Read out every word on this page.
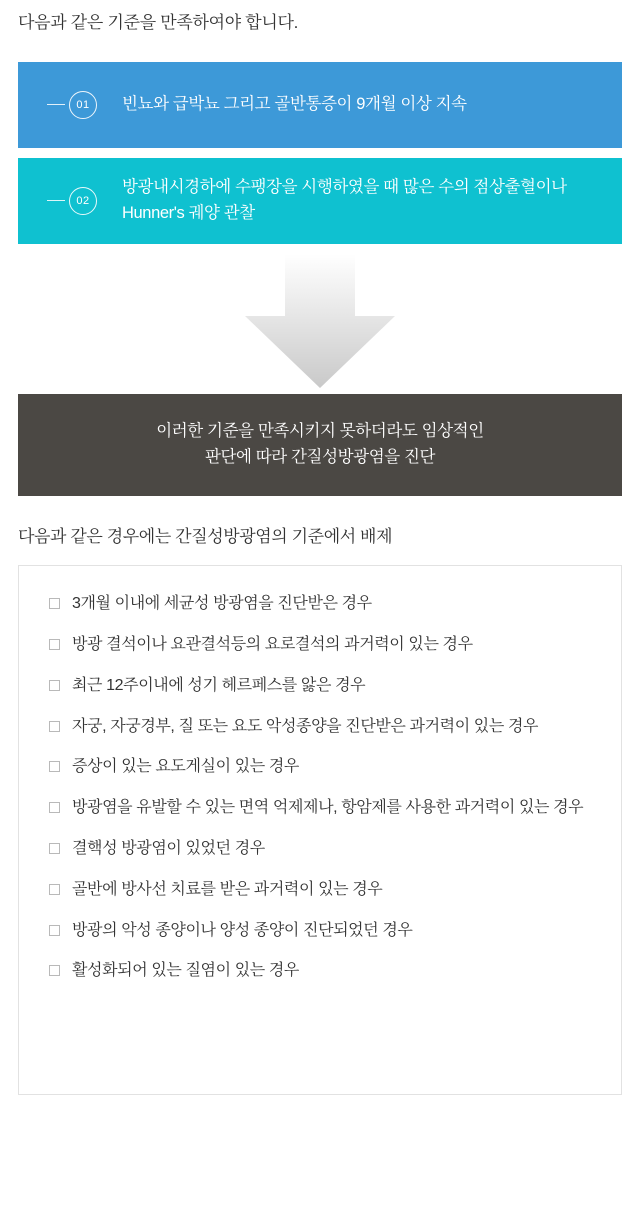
다음과 같은 기준을 만족하여야 합니다.
01	빈뇨와 급박뇨 그리고 골반통증이 9개월 이상 지속
02
방광내시경하에 수팽장을 시행하였을 때 많은 수의 점상출혈이나 Hunner's 궤양 관찰
이러한 기준을 만족시키지 못하더라도 임상적인
판단에 따라 간질성방광염을 진단
다음과 같은 경우에는 간질성방광염의 기준에서 배제
3개월 이내에 세균성 방광염을 진단받은 경우
방광 결석이나 요관결석등의 요로결석의 과거력이 있는 경우
최근 12주이내에 성기 헤르페스를 앓은 경우
자궁, 자궁경부, 질 또는 요도 악성종양을 진단받은 과거력이 있는 경우
증상이 있는 요도게실이 있는 경우
방광염을 유발할 수 있는 면역 억제제나, 항암제를 사용한 과거력이 있는 경우
결핵성 방광염이 있었던 경우
골반에 방사선 치료를 받은 과거력이 있는 경우
방광의 악성 종양이나 양성 종양이 진단되었던 경우
활성화되어 있는 질염이 있는 경우
